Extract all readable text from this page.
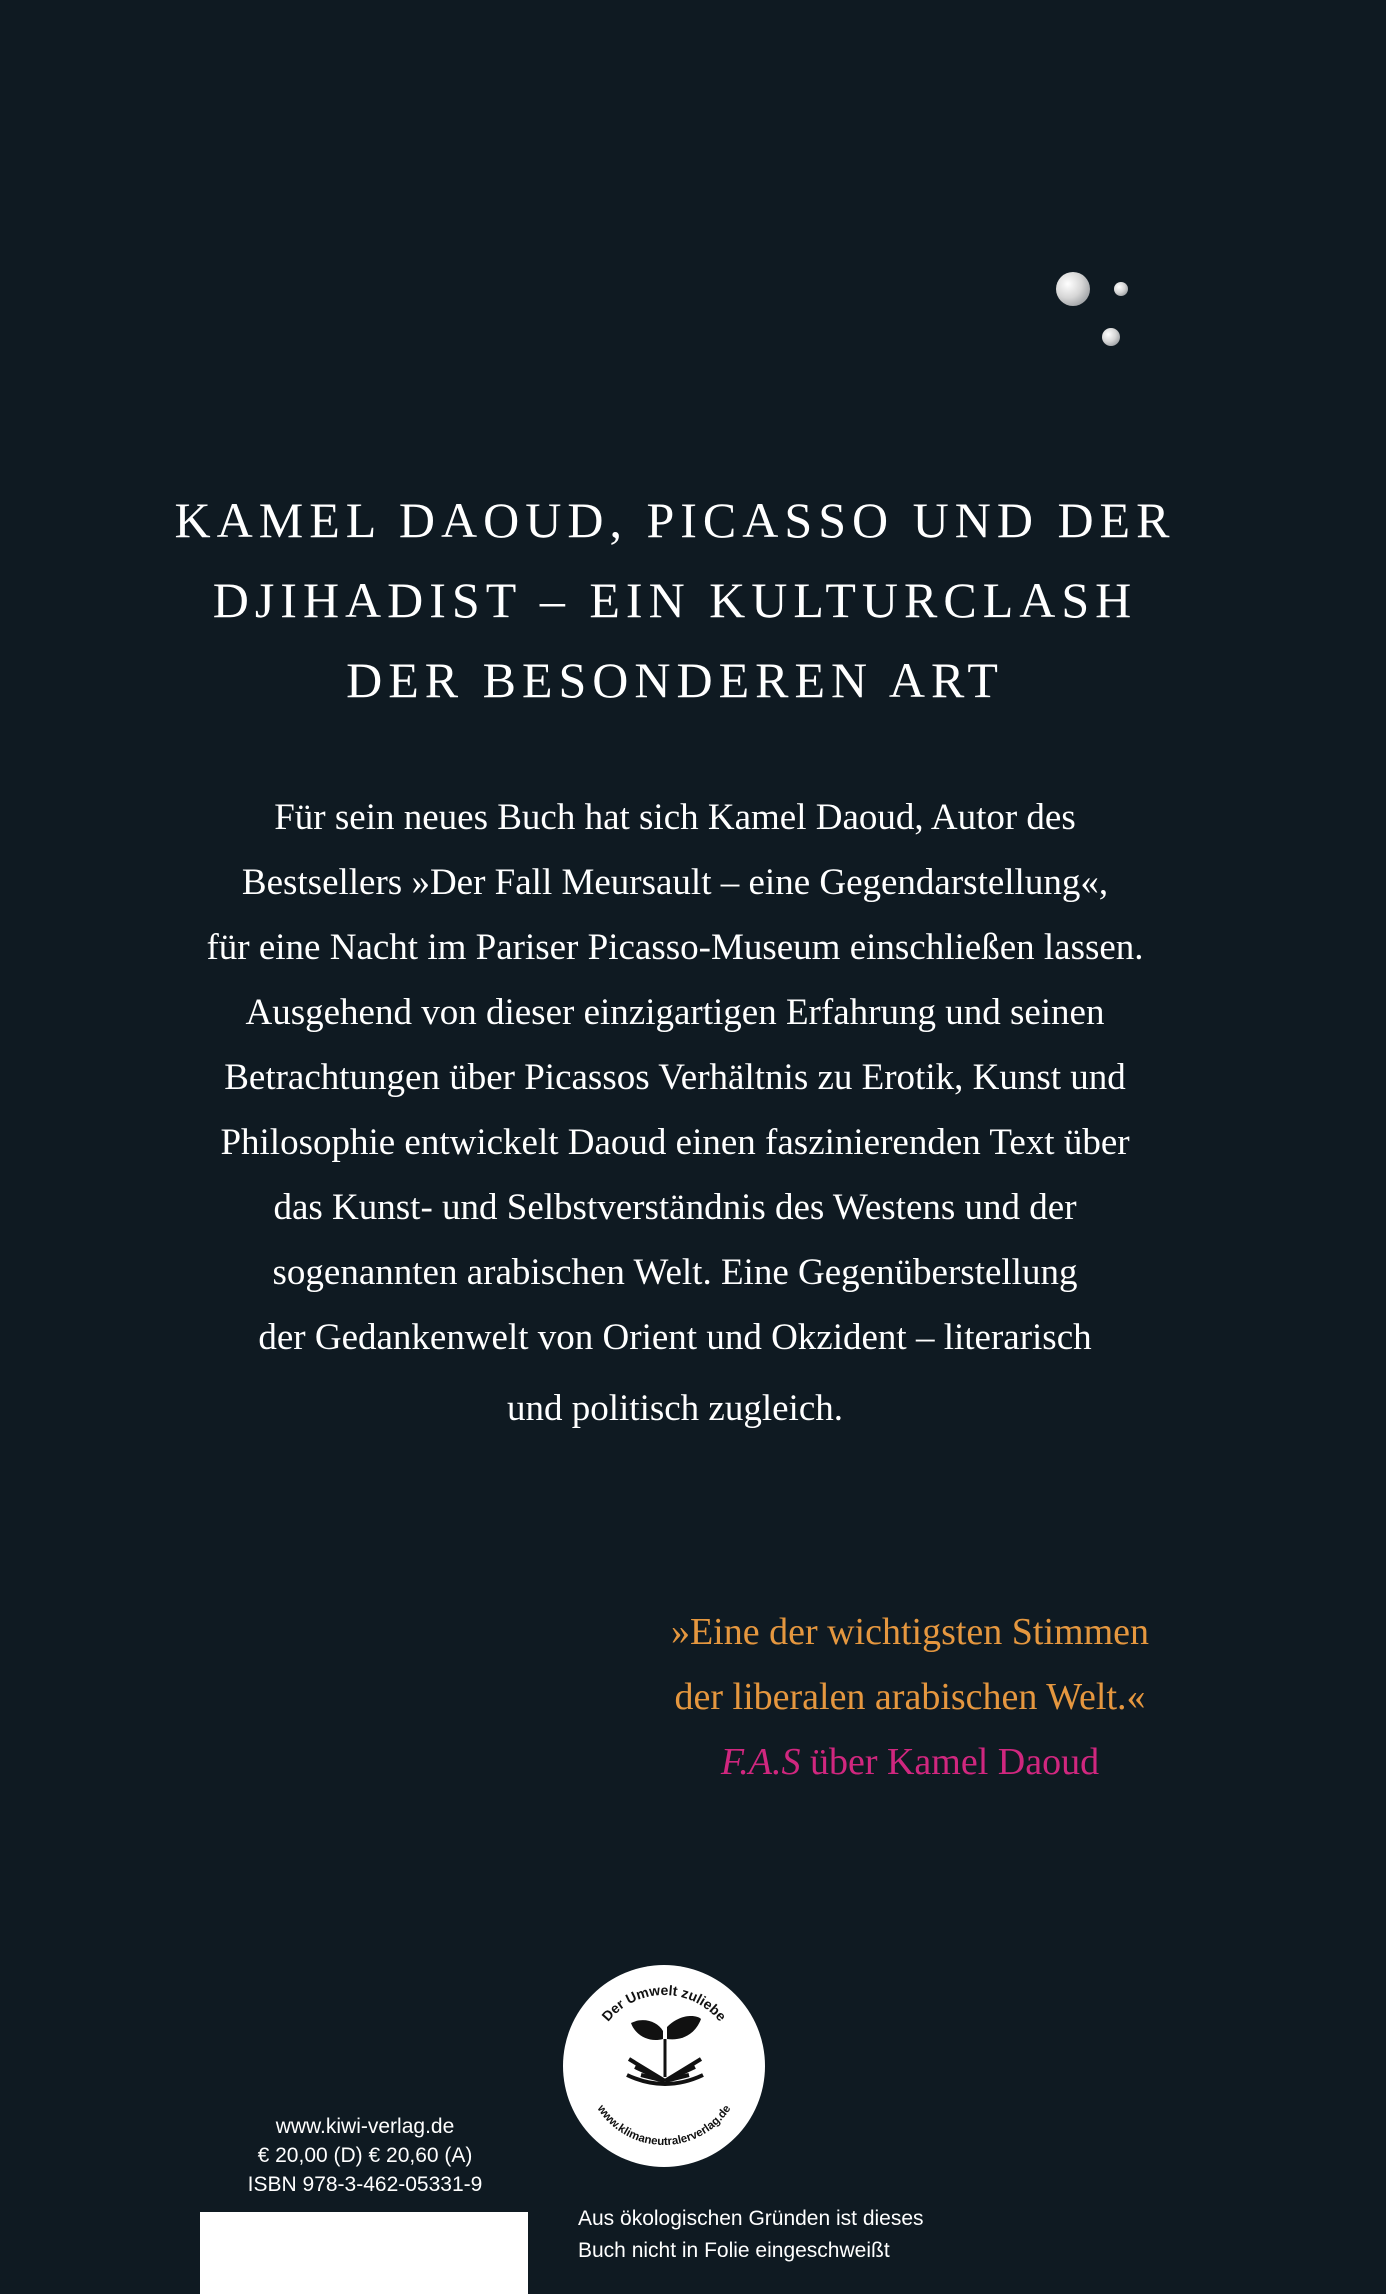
KAMEL DAOUD, PICASSO UND DER
DJIHADIST – EIN KULTURCLASH
DER BESONDEREN ART
Für sein neues Buch hat sich Kamel Daoud, Autor des
Bestsellers »Der Fall Meursault – eine Gegendarstellung«,
für eine Nacht im Pariser Picasso-Museum einschließen lassen.
Ausgehend von dieser einzigartigen Erfahrung und seinen
Betrachtungen über Picassos Verhältnis zu Erotik, Kunst und
Philosophie entwickelt Daoud einen faszinierenden Text über
das Kunst- und Selbstverständnis des Westens und der
sogenannten arabischen Welt. Eine Gegenüberstellung
der Gedankenwelt von Orient und Okzident – literarisch
und politisch zugleich.
»Eine der wichtigsten Stimmen
der liberalen arabischen Welt.«
F.A.S über Kamel Daoud
Der Umwelt zuliebe
www.klimaneutralerverlag.de
www.kiwi-verlag.de
€ 20,00 (D) € 20,60 (A)
ISBN 978-3-462-05331-9
Aus ökologischen Gründen ist dieses
Buch nicht in Folie eingeschweißt
